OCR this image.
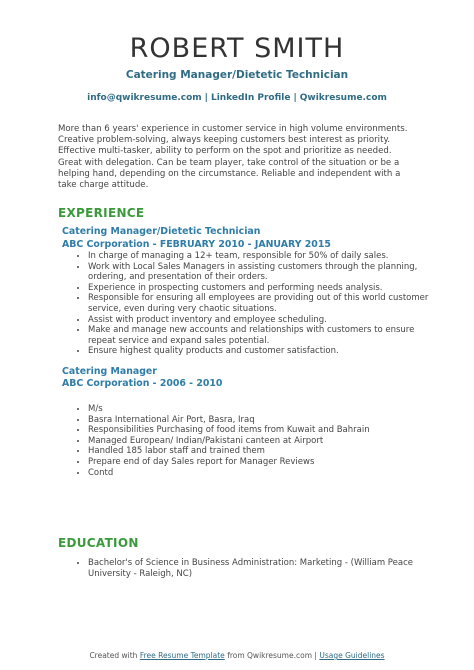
ROBERT SMITH
Catering Manager/Dietetic Technician
info@qwikresume.com | LinkedIn Profile | Qwikresume.com
More than 6 years' experience in customer service in high volume environments. Creative problem-solving, always keeping customers best interest as priority. Effective multi-tasker, ability to perform on the spot and prioritize as needed. Great with delegation. Can be team player, take control of the situation or be a helping hand, depending on the circumstance. Reliable and independent with a take charge attitude.
EXPERIENCE
Catering Manager/Dietetic Technician
ABC Corporation - FEBRUARY 2010 - JANUARY 2015
• In charge of managing a 12+ team, responsible for 50% of daily sales.
• Work with Local Sales Managers in assisting customers through the planning, ordering, and presentation of their orders.
• Experience in prospecting customers and performing needs analysis.
• Responsible for ensuring all employees are providing out of this world customer service, even during very chaotic situations.
• Assist with product inventory and employee scheduling.
• Make and manage new accounts and relationships with customers to ensure repeat service and expand sales potential.
• Ensure highest quality products and customer satisfaction.
Catering Manager
ABC Corporation - 2006 - 2010
• M/s
• Basra International Air Port, Basra, Iraq
• Responsibilities Purchasing of food items from Kuwait and Bahrain
• Managed European/ Indian/Pakistani canteen at Airport
• Handled 185 labor staff and trained them
• Prepare end of day Sales report for Manager Reviews
• Contd
EDUCATION
• Bachelor's of Science in Business Administration: Marketing - (William Peace University - Raleigh, NC)
Created with Free Resume Template from Qwikresume.com | Usage Guidelines
